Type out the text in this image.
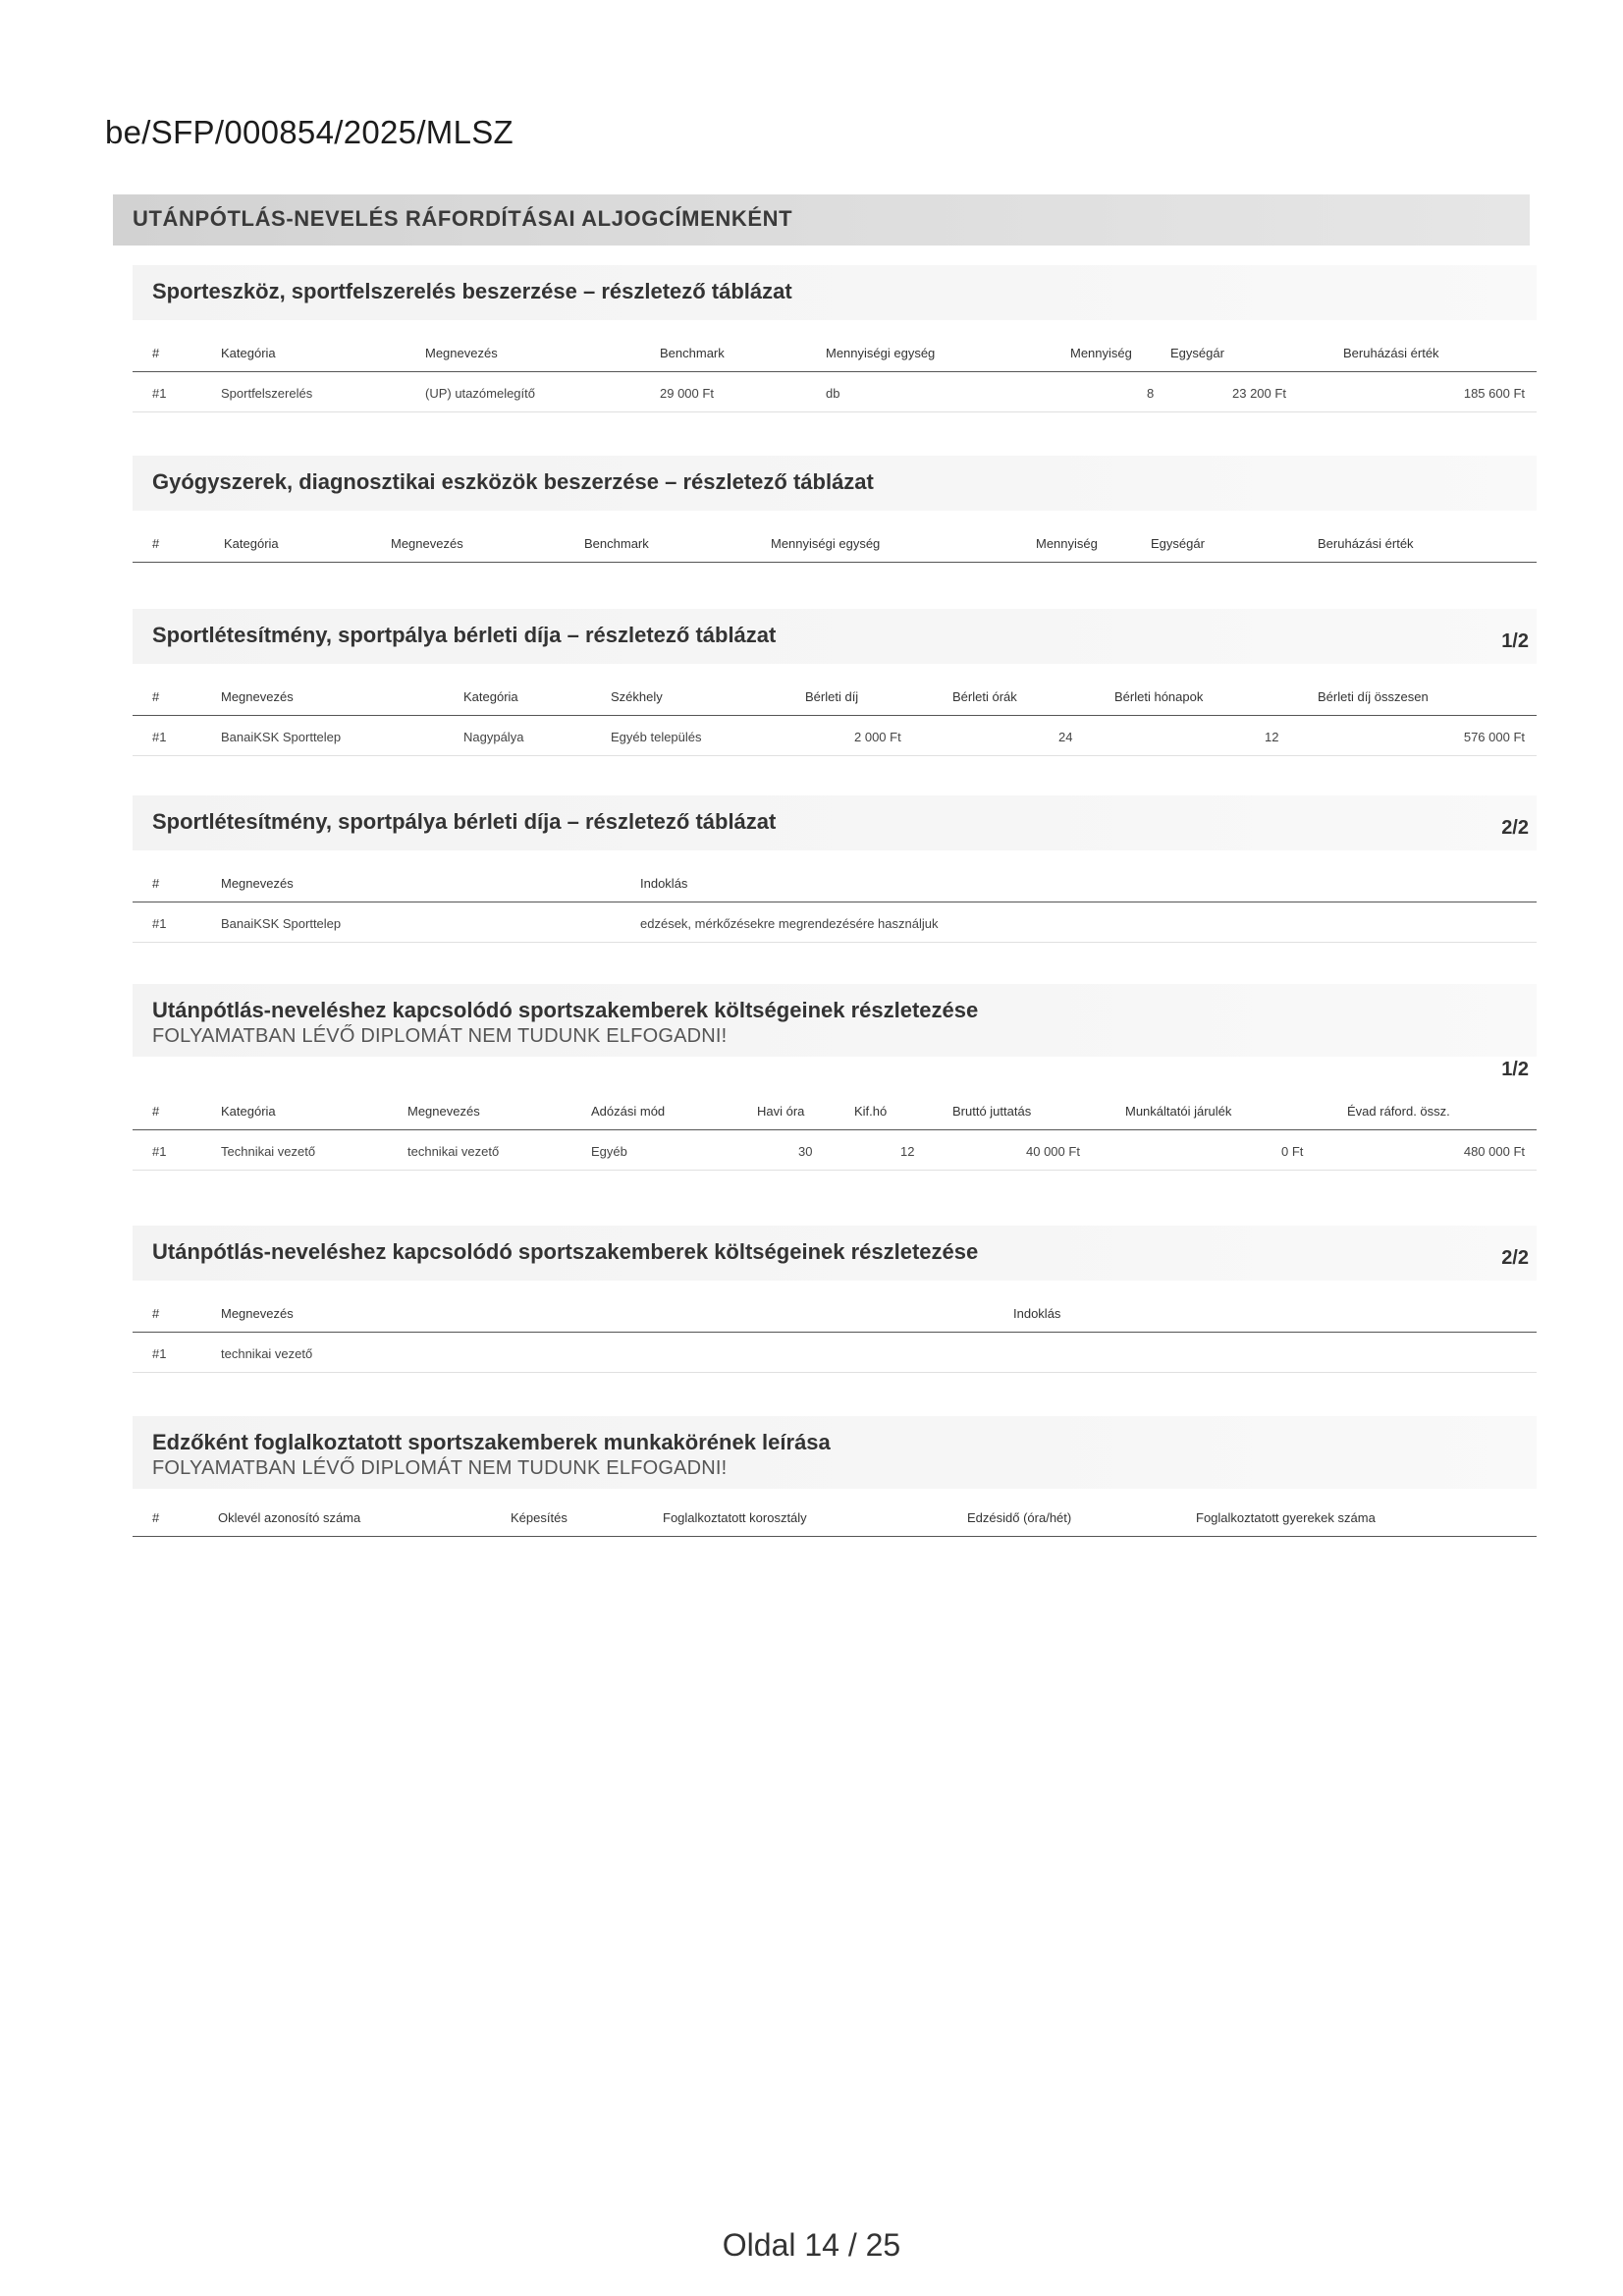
be/SFP/000854/2025/MLSZ
UTÁNPÓTLÁS-NEVELÉS RÁFORDÍTÁSAI ALJOGCÍMENKÉNT
Sporteszköz, sportfelszerelés beszerzése – részletező táblázat
#	Kategória	Megnevezés	Benchmark	Mennyiségi egység	Mennyiség	Egységár	Beruházási érték
#1	Sportfelszerelés	(UP) utazómelegítő	29 000 Ft	db	8	23 200 Ft	185 600 Ft
Gyógyszerek, diagnosztikai eszközök beszerzése – részletező táblázat
#	Kategória	Megnevezés	Benchmark	Mennyiségi egység	Mennyiség	Egységár	Beruházási érték
Sportlétesítmény, sportpálya bérleti díja – részletező táblázat	1/2
#	Megnevezés	Kategória	Székhely	Bérleti díj	Bérleti órák	Bérleti hónapok	Bérleti díj összesen
#1	BanaiKSK Sporttelep	Nagypálya	Egyéb település	2 000 Ft	24	12	576 000 Ft
Sportlétesítmény, sportpálya bérleti díja – részletező táblázat	2/2
#	Megnevezés	Indoklás
#1	BanaiKSK Sporttelep	edzések, mérkőzésekre megrendezésére használjuk
Utánpótlás-neveléshez kapcsolódó sportszakemberek költségeinek részletezése
FOLYAMATBAN LÉVŐ DIPLOMÁT NEM TUDUNK ELFOGADNI!
1/2
#	Kategória	Megnevezés	Adózási mód	Havi óra	Kif.hó	Bruttó juttatás	Munkáltatói járulék	Évad ráford. össz.
#1	Technikai vezető	technikai vezető	Egyéb	30	12	40 000 Ft	0 Ft	480 000 Ft
Utánpótlás-neveléshez kapcsolódó sportszakemberek költségeinek részletezése	2/2
#	Megnevezés	Indoklás
#1	technikai vezető
Edzőként foglalkoztatott sportszakemberek munkakörének leírása
FOLYAMATBAN LÉVŐ DIPLOMÁT NEM TUDUNK ELFOGADNI!
#	Oklevél azonosító száma	Képesítés	Foglalkoztatott korosztály	Edzésidő (óra/hét)	Foglalkoztatott gyerekek száma
Oldal 14 / 25
